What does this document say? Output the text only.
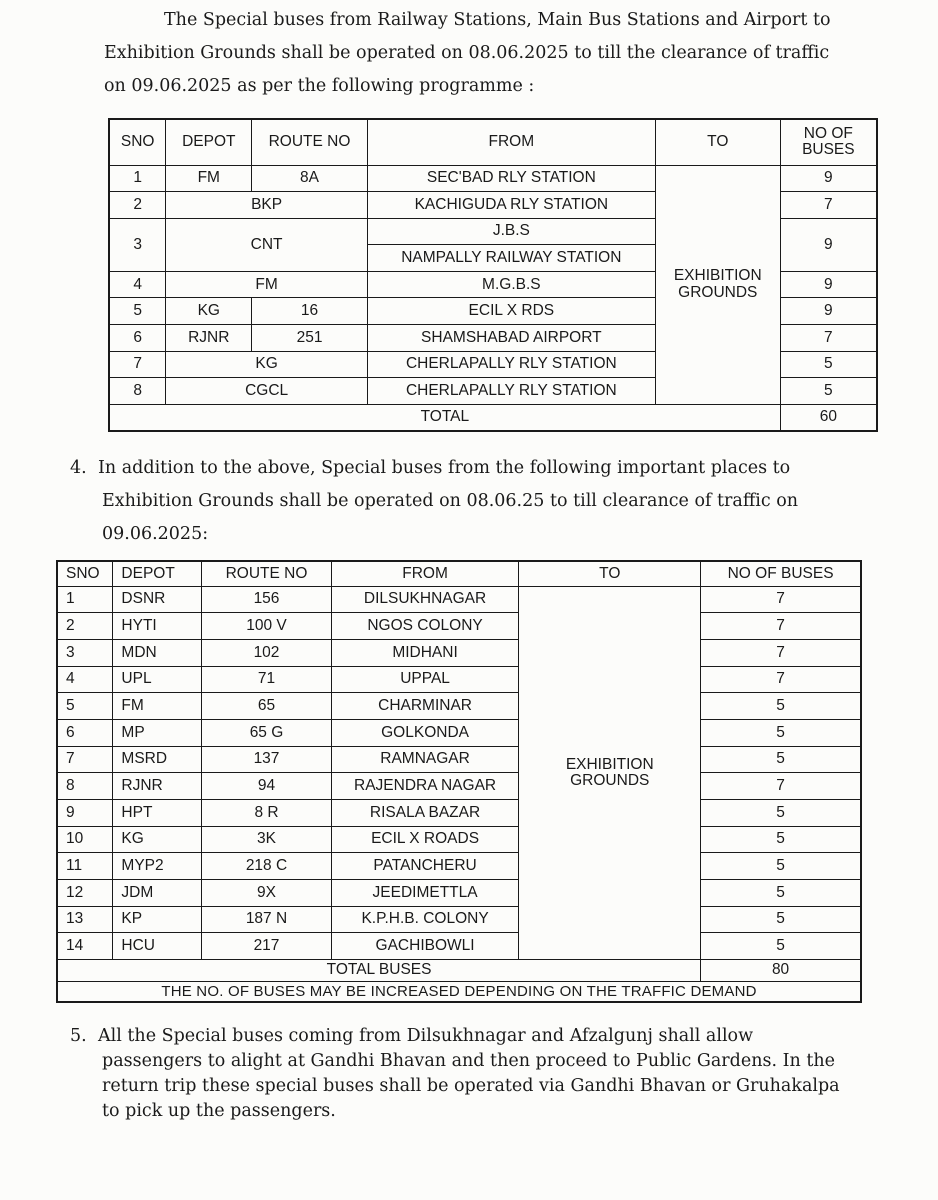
The Special buses from Railway Stations, Main Bus Stations and Airport to
Exhibition Grounds shall be operated on 08.06.2025 to till the clearance of traffic
on 09.06.2025 as per the following programme :
SNO	DEPOT	ROUTE NO	FROM	TO	NO OF BUSES
1	FM	8A	SEC'BAD RLY STATION	EXHIBITION GROUNDS	9
2	BKP		KACHIGUDA RLY STATION		7
3	CNT		J.B.S		9
			NAMPALLY RAILWAY STATION		
4	FM		M.G.B.S		9
5	KG	16	ECIL X RDS		9
6	RJNR	251	SHAMSHABAD AIRPORT		7
7	KG		CHERLAPALLY RLY STATION		5
8	CGCL		CHERLAPALLY RLY STATION		5
TOTAL					60
4. In addition to the above, Special buses from the following important places to
Exhibition Grounds shall be operated on 08.06.25 to till clearance of traffic on
09.06.2025:
SNO	DEPOT	ROUTE NO	FROM	TO	NO OF BUSES
1	DSNR	156	DILSUKHNAGAR	EXHIBITION GROUNDS	7
2	HYTI	100 V	NGOS COLONY		7
3	MDN	102	MIDHANI		7
4	UPL	71	UPPAL		7
5	FM	65	CHARMINAR		5
6	MP	65 G	GOLKONDA		5
7	MSRD	137	RAMNAGAR		5
8	RJNR	94	RAJENDRA NAGAR		7
9	HPT	8 R	RISALA BAZAR		5
10	KG	3K	ECIL X ROADS		5
11	MYP2	218 C	PATANCHERU		5
12	JDM	9X	JEEDIMETTLA		5
13	KP	187 N	K.P.H.B. COLONY		5
14	HCU	217	GACHIBOWLI		5
TOTAL BUSES					80
THE NO. OF BUSES MAY BE INCREASED DEPENDING ON THE TRAFFIC DEMAND					
5. All the Special buses coming from Dilsukhnagar and Afzalgunj shall allow
passengers to alight at Gandhi Bhavan and then proceed to Public Gardens. In the
return trip these special buses shall be operated via Gandhi Bhavan or Gruhakalpa
to pick up the passengers.
